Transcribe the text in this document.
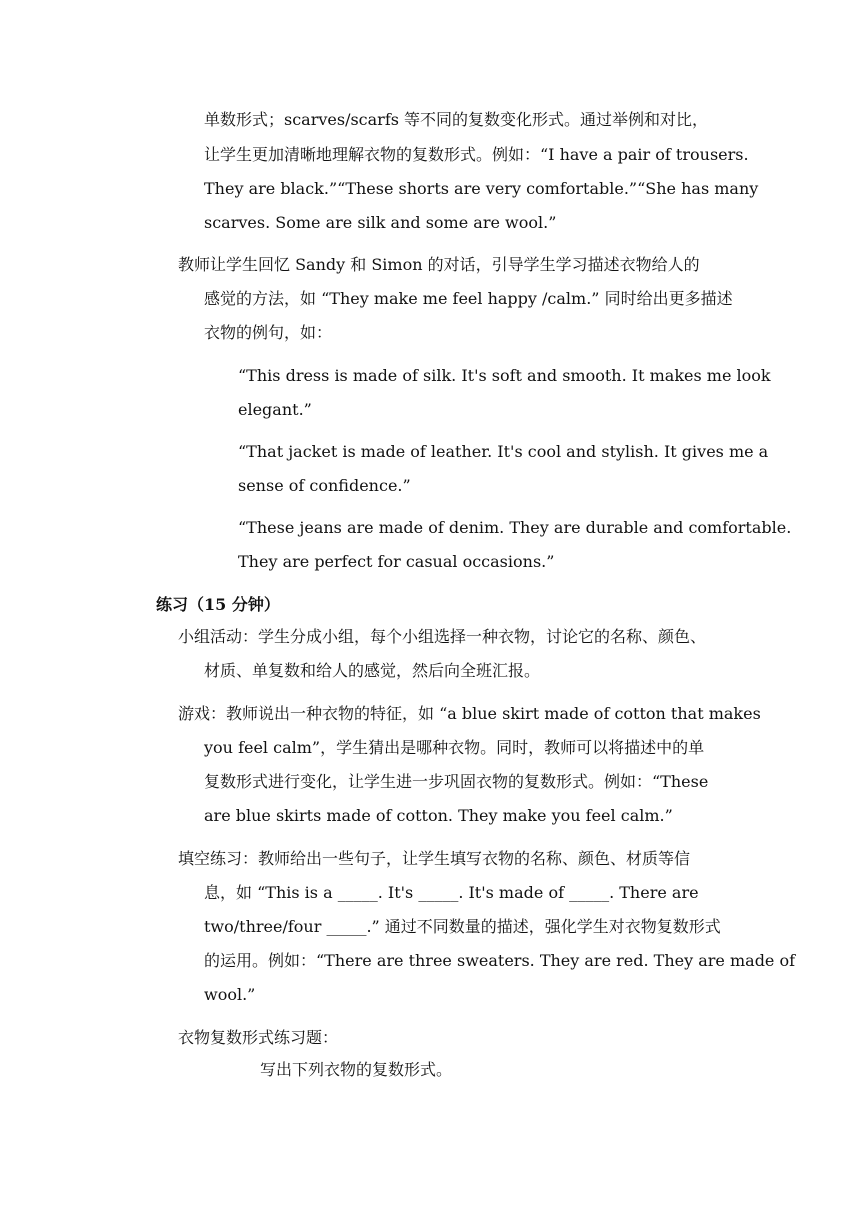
单数形式；scarves/scarfs 等不同的复数变化形式。通过举例和对比，
让学生更加清晰地理解衣物的复数形式。例如：“I have a pair of trousers.
They are black.”“These shorts are very comfortable.”“She has many
scarves. Some are silk and some are wool.”
教师让学生回忆 Sandy 和 Simon 的对话，引导学生学习描述衣物给人的
感觉的方法，如 “They make me feel happy /calm.” 同时给出更多描述
衣物的例句，如：
“This dress is made of silk. It's soft and smooth. It makes me look
elegant.”
“That jacket is made of leather. It's cool and stylish. It gives me a
sense of confidence.”
“These jeans are made of denim. They are durable and comfortable.
They are perfect for casual occasions.”
练习（15 分钟）
小组活动：学生分成小组，每个小组选择一种衣物，讨论它的名称、颜色、
材质、单复数和给人的感觉，然后向全班汇报。
游戏：教师说出一种衣物的特征，如 “a blue skirt made of cotton that makes
you feel calm”，学生猜出是哪种衣物。同时，教师可以将描述中的单
复数形式进行变化，让学生进一步巩固衣物的复数形式。例如：“These
are blue skirts made of cotton. They make you feel calm.”
填空练习：教师给出一些句子，让学生填写衣物的名称、颜色、材质等信
息，如 “This is a _____. It's _____. It's made of _____. There are
two/three/four _____.” 通过不同数量的描述，强化学生对衣物复数形式
的运用。例如：“There are three sweaters. They are red. They are made of
wool.”
衣物复数形式练习题：
写出下列衣物的复数形式。
